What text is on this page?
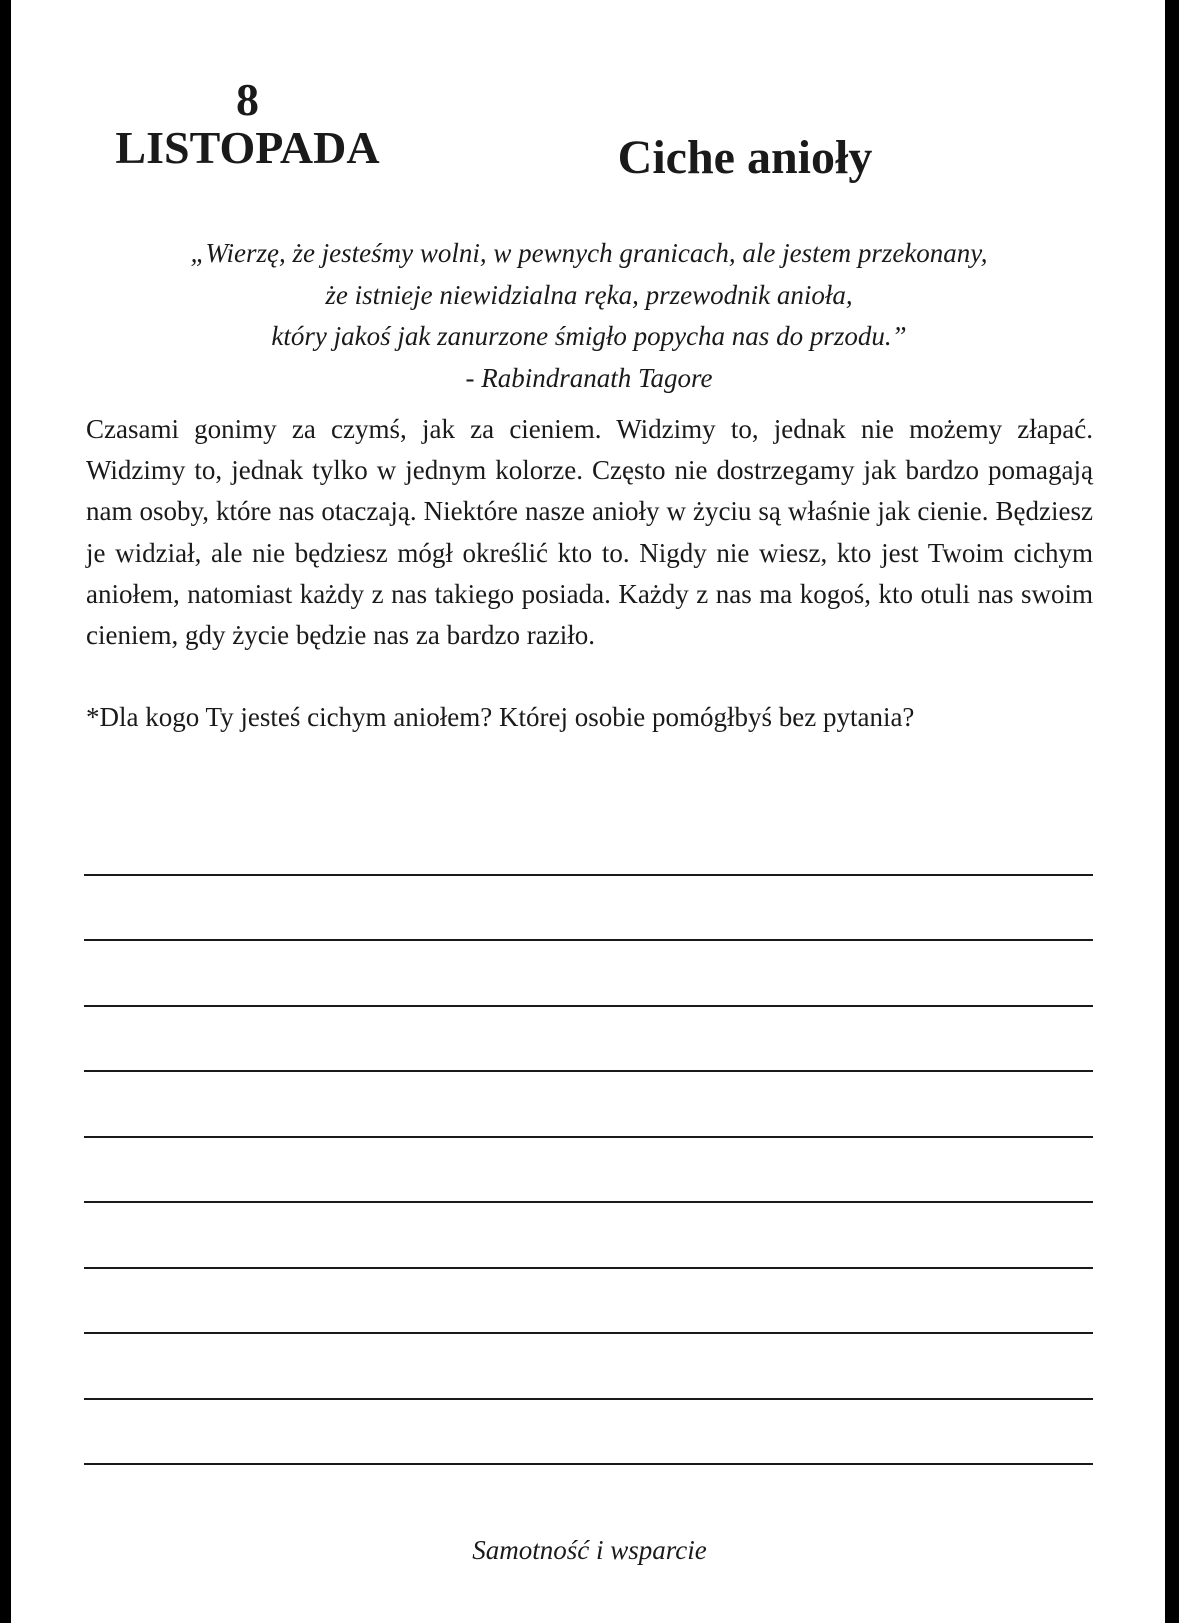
8
LISTOPADA	Ciche anioły
„Wierzę, że jesteśmy wolni, w pewnych granicach, ale jestem przekonany,
że istnieje niewidzialna ręka, przewodnik anioła,
który jakoś jak zanurzone śmigło popycha nas do przodu.”
- Rabindranath Tagore
Czasami gonimy za czymś, jak za cieniem. Widzimy to, jednak nie możemy złapać. Widzimy to, jednak tylko w jednym kolorze. Często nie dostrzegamy jak bardzo pomagają nam osoby, które nas otaczają. Niektóre nasze anioły w życiu są właśnie jak cienie. Będziesz je widział, ale nie będziesz mógł określić kto to. Nigdy nie wiesz, kto jest Twoim cichym aniołem, natomiast każdy z nas takiego posiada. Każdy z nas ma kogoś, kto otuli nas swoim cieniem, gdy życie będzie nas za bardzo raziło.
*Dla kogo Ty jesteś cichym aniołem? Której osobie pomógłbyś bez pytania?
Samotność i wsparcie
